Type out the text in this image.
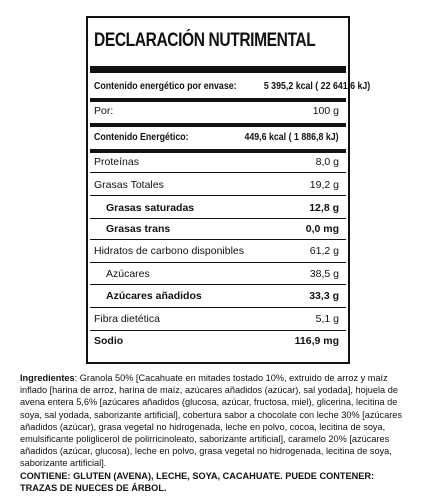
DECLARACIÓN NUTRIMENTAL
Contenido energético por envase:	5 395,2 kcal ( 22 641,6 kJ)
Por:	100 g
Contenido Energético:	449,6 kcal ( 1 886,8 kJ)
Proteínas	8,0 g
Grasas Totales	19,2 g
Grasas saturadas	12,8 g
Grasas trans	0,0 mg
Hidratos de carbono disponibles	61,2 g
Azúcares	38,5 g
Azúcares añadidos	33,3 g
Fibra dietética	5,1 g
Sodio	116,9 mg
Ingredientes: Granola 50% [Cacahuate en mitades tostado 10%, extruido de arroz y maíz inflado [harina de arroz, harina de maíz, azúcares añadidos (azúcar), sal yodada], hojuela de avena entera 5,6% [azúcares añadidos (glucosa, azúcar, fructosa, miel), glicerina, lecitina de soya, sal yodada, saborizante artificial], cobertura sabor a chocolate con leche 30% [azúcares añadidos (azúcar), grasa vegetal no hidrogenada, leche en polvo, cocoa, lecitina de soya, emulsificante poliglicerol de polirricinoleato, saborizante artificial], caramelo 20% [azúcares añadidos (azúcar, glucosa), leche en polvo, grasa vegetal no hidrogenada, lecitina de soya, saborizante artificial].
CONTIENE: GLUTEN (AVENA), LECHE, SOYA, CACAHUATE. PUEDE CONTENER: TRAZAS DE NUECES DE ÁRBOL.
